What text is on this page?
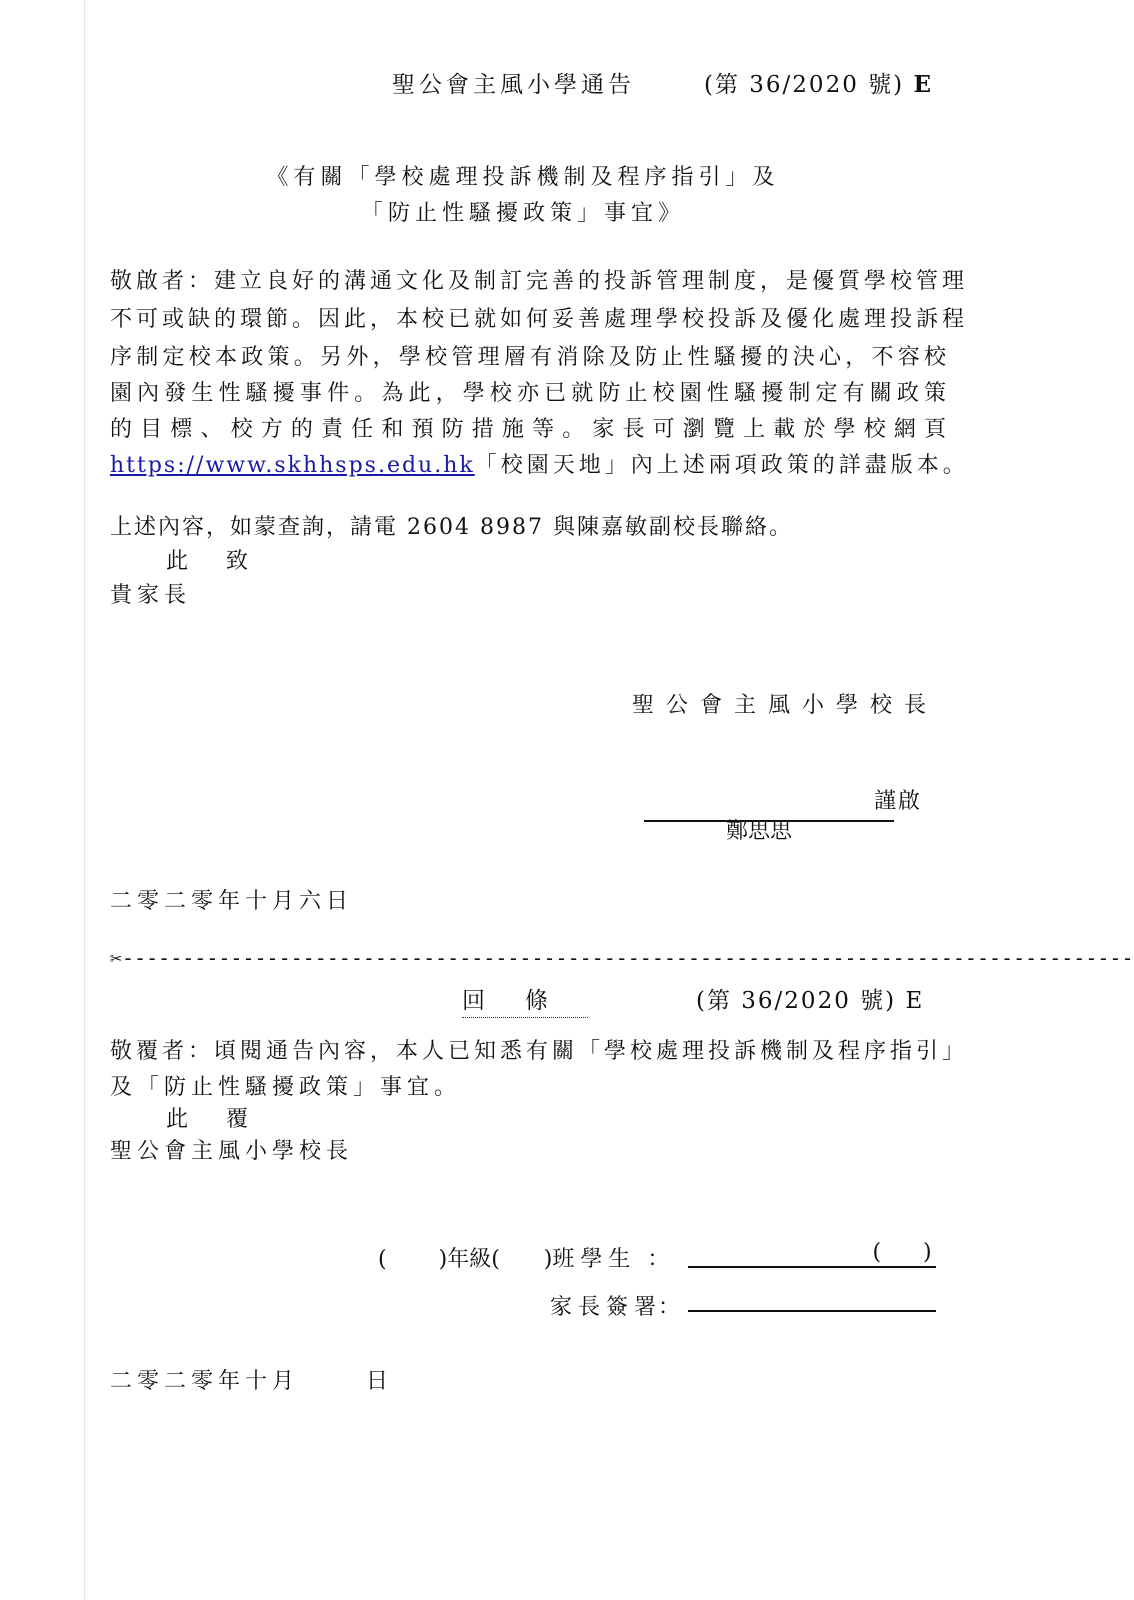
聖公會主風小學通告	(第 36/2020 號) E
《有關「學校處理投訴機制及程序指引」及
「防止性騷擾政策」事宜》
敬啟者：建立良好的溝通文化及制訂完善的投訴管理制度，是優質學校管理
不可或缺的環節。因此，本校已就如何妥善處理學校投訴及優化處理投訴程
序制定校本政策。另外，學校管理層有消除及防止性騷擾的決心，不容校
園內發生性騷擾事件。為此，學校亦已就防止校園性騷擾制定有關政策
的目標、校方的責任和預防措施等。家長可瀏覽上載於學校網頁
https://www.skhhsps.edu.hk「校園天地」內上述兩項政策的詳盡版本。
上述內容，如蒙查詢，請電 2604 8987 與陳嘉敏副校長聯絡。
此 致
貴家長
聖公會主風小學校長
謹啟
鄭思思
二零二零年十月六日
✂------------------------------------------------------------------------------------
回條	(第 36/2020 號) E
敬覆者：頃閱通告內容，本人已知悉有關「學校處理投訴機制及程序指引」
及「防止性騷擾政策」事宜。
此 覆
聖公會主風小學校長
( )年級( )班學生 ：	(      )
家長簽署
：
二零二零年十月	日
